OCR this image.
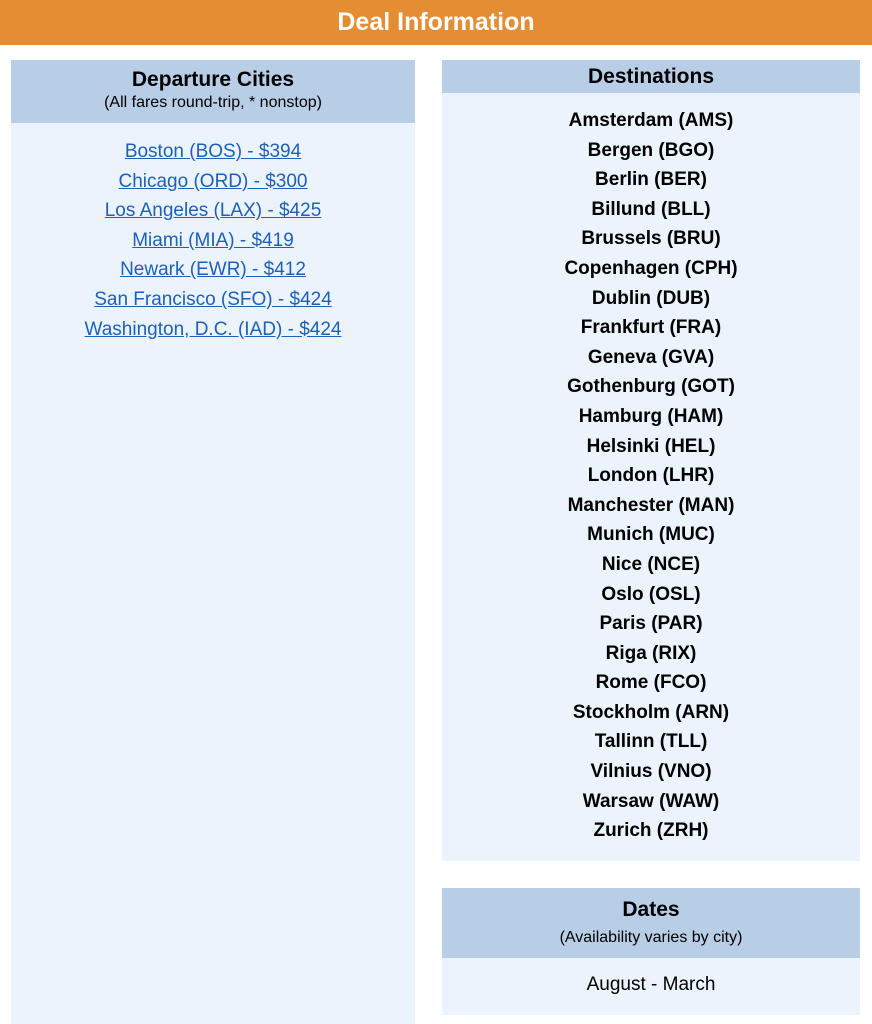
Deal Information
Departure Cities
(All fares round-trip, * nonstop)
Boston (BOS) - $394
Chicago (ORD) - $300
Los Angeles (LAX) - $425
Miami (MIA) - $419
Newark (EWR) - $412
San Francisco (SFO) - $424
Washington, D.C. (IAD) - $424
Destinations
Amsterdam (AMS)
Bergen (BGO)
Berlin (BER)
Billund (BLL)
Brussels (BRU)
Copenhagen (CPH)
Dublin (DUB)
Frankfurt (FRA)
Geneva (GVA)
Gothenburg (GOT)
Hamburg (HAM)
Helsinki (HEL)
London (LHR)
Manchester (MAN)
Munich (MUC)
Nice (NCE)
Oslo (OSL)
Paris (PAR)
Riga (RIX)
Rome (FCO)
Stockholm (ARN)
Tallinn (TLL)
Vilnius (VNO)
Warsaw (WAW)
Zurich (ZRH)
Dates
(Availability varies by city)
August - March
